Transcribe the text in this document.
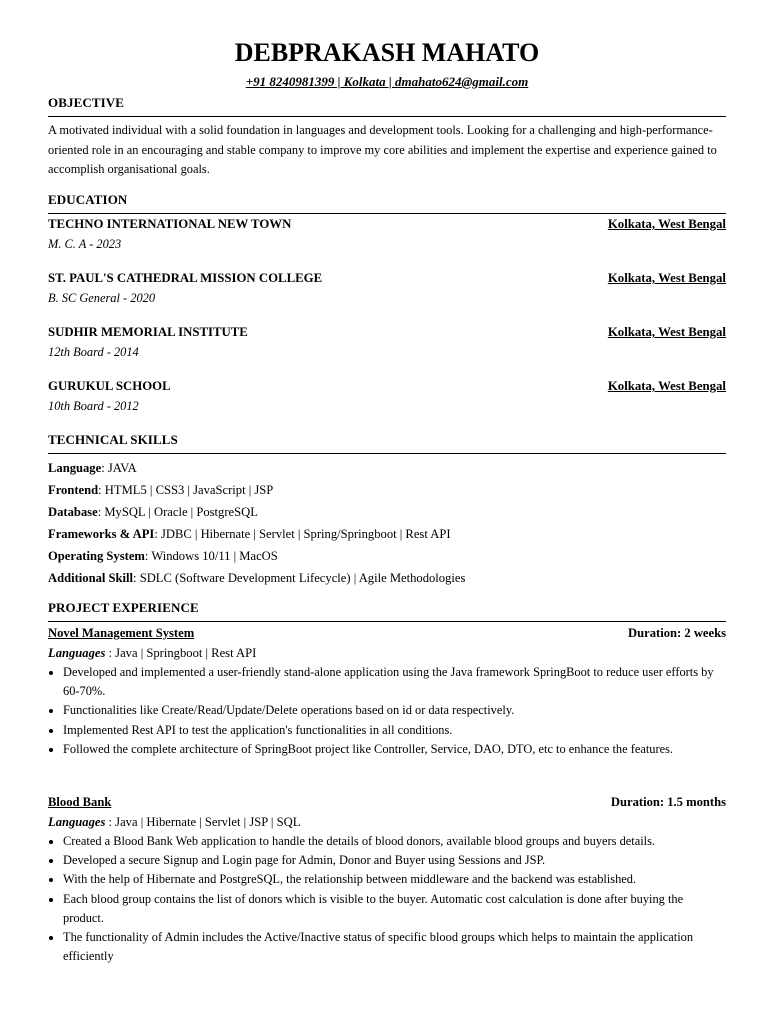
DEBPRAKASH MAHATO
+91 8240981399 | Kolkata | dmahato624@gmail.com
OBJECTIVE
A motivated individual with a solid foundation in languages and development tools. Looking for a challenging and high-performance-oriented role in an encouraging and stable company to improve my core abilities and implement the expertise and experience gained to accomplish organisational goals.
EDUCATION
TECHNO INTERNATIONAL NEW TOWN	Kolkata, West Bengal
M. C. A - 2023
ST. PAUL'S CATHEDRAL MISSION COLLEGE	Kolkata, West Bengal
B. SC General - 2020
SUDHIR MEMORIAL INSTITUTE	Kolkata, West Bengal
12th Board - 2014
GURUKUL SCHOOL	Kolkata, West Bengal
10th Board - 2012
TECHNICAL SKILLS
Language: JAVA
Frontend: HTML5 | CSS3 | JavaScript | JSP
Database: MySQL | Oracle | PostgreSQL
Frameworks & API: JDBC | Hibernate | Servlet | Spring/Springboot | Rest API
Operating System: Windows 10/11 | MacOS
Additional Skill: SDLC (Software Development Lifecycle) | Agile Methodologies
PROJECT EXPERIENCE
Novel Management System	Duration: 2 weeks
Languages : Java | Springboot | Rest API
• Developed and implemented a user-friendly stand-alone application using the Java framework SpringBoot to reduce user efforts by 60-70%.
• Functionalities like Create/Read/Update/Delete operations based on id or data respectively.
• Implemented Rest API to test the application's functionalities in all conditions.
• Followed the complete architecture of SpringBoot project like Controller, Service, DAO, DTO, etc to enhance the features.
Blood Bank	Duration: 1.5 months
Languages : Java | Hibernate | Servlet | JSP | SQL
• Created a Blood Bank Web application to handle the details of blood donors, available blood groups and buyers details.
• Developed a secure Signup and Login page for Admin, Donor and Buyer using Sessions and JSP.
• With the help of Hibernate and PostgreSQL, the relationship between middleware and the backend was established.
• Each blood group contains the list of donors which is visible to the buyer. Automatic cost calculation is done after buying the product.
• The functionality of Admin includes the Active/Inactive status of specific blood groups which helps to maintain the application efficiently
